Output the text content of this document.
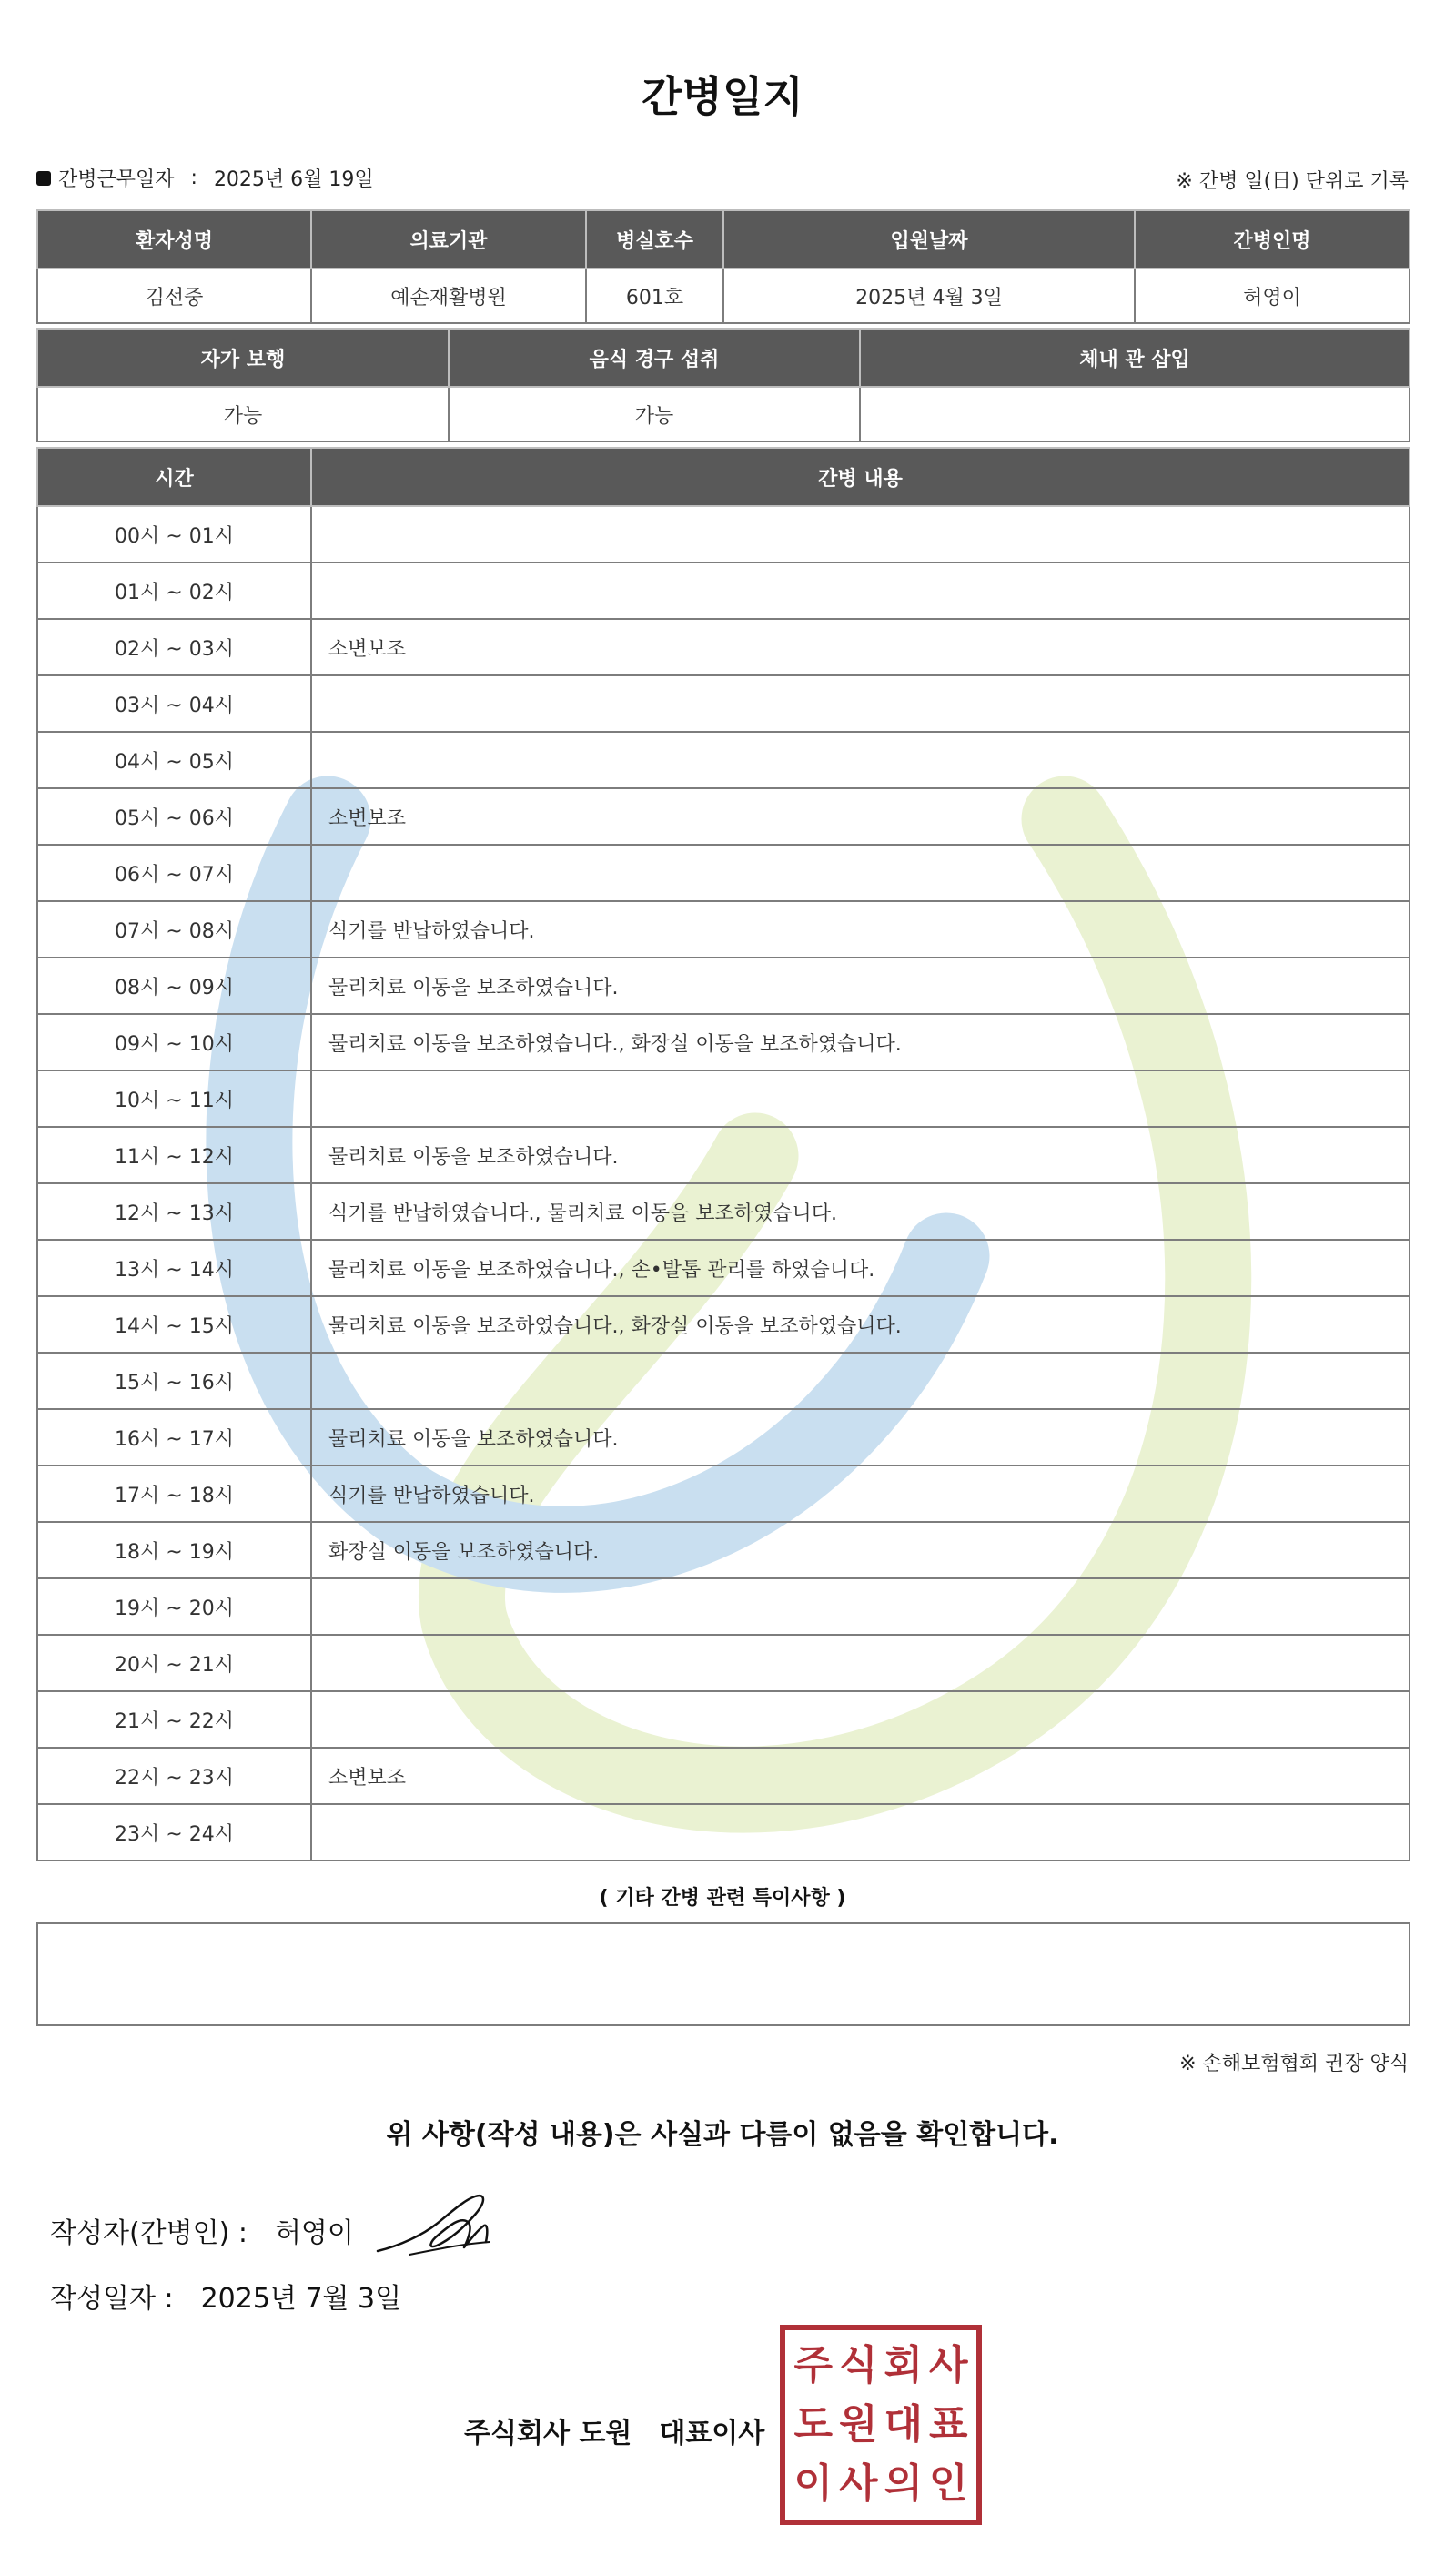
간병일지
간병근무일자 : 2025년 6월 19일	※ 간병 일(日) 단위로 기록
환자성명	의료기관	병실호수	입원날짜	간병인명
김선중	예손재활병원	601호	2025년 4월 3일	허영이
자가 보행	음식 경구 섭취	체내 관 삽입
가능	가능	
시간	간병 내용
00시 ~ 01시	
01시 ~ 02시	
02시 ~ 03시	소변보조
03시 ~ 04시	
04시 ~ 05시	
05시 ~ 06시	소변보조
06시 ~ 07시	
07시 ~ 08시	식기를 반납하였습니다.
08시 ~ 09시	물리치료 이동을 보조하였습니다.
09시 ~ 10시	물리치료 이동을 보조하였습니다., 화장실 이동을 보조하였습니다.
10시 ~ 11시	
11시 ~ 12시	물리치료 이동을 보조하였습니다.
12시 ~ 13시	식기를 반납하였습니다., 물리치료 이동을 보조하였습니다.
13시 ~ 14시	물리치료 이동을 보조하였습니다., 손•발톱 관리를 하였습니다.
14시 ~ 15시	물리치료 이동을 보조하였습니다., 화장실 이동을 보조하였습니다.
15시 ~ 16시	
16시 ~ 17시	물리치료 이동을 보조하였습니다.
17시 ~ 18시	식기를 반납하였습니다.
18시 ~ 19시	화장실 이동을 보조하였습니다.
19시 ~ 20시	
20시 ~ 21시	
21시 ~ 22시	
22시 ~ 23시	소변보조
23시 ~ 24시	
( 기타 간병 관련 특이사항 )
※ 손해보험협회 권장 양식
위 사항(작성 내용)은 사실과 다름이 없음을 확인합니다.
작성자(간병인) : 허영이
작성일자 : 2025년 7월 3일
주식회사 도원 대표이사
주 식 회 사
도 원 대 표
이 사 의 인
